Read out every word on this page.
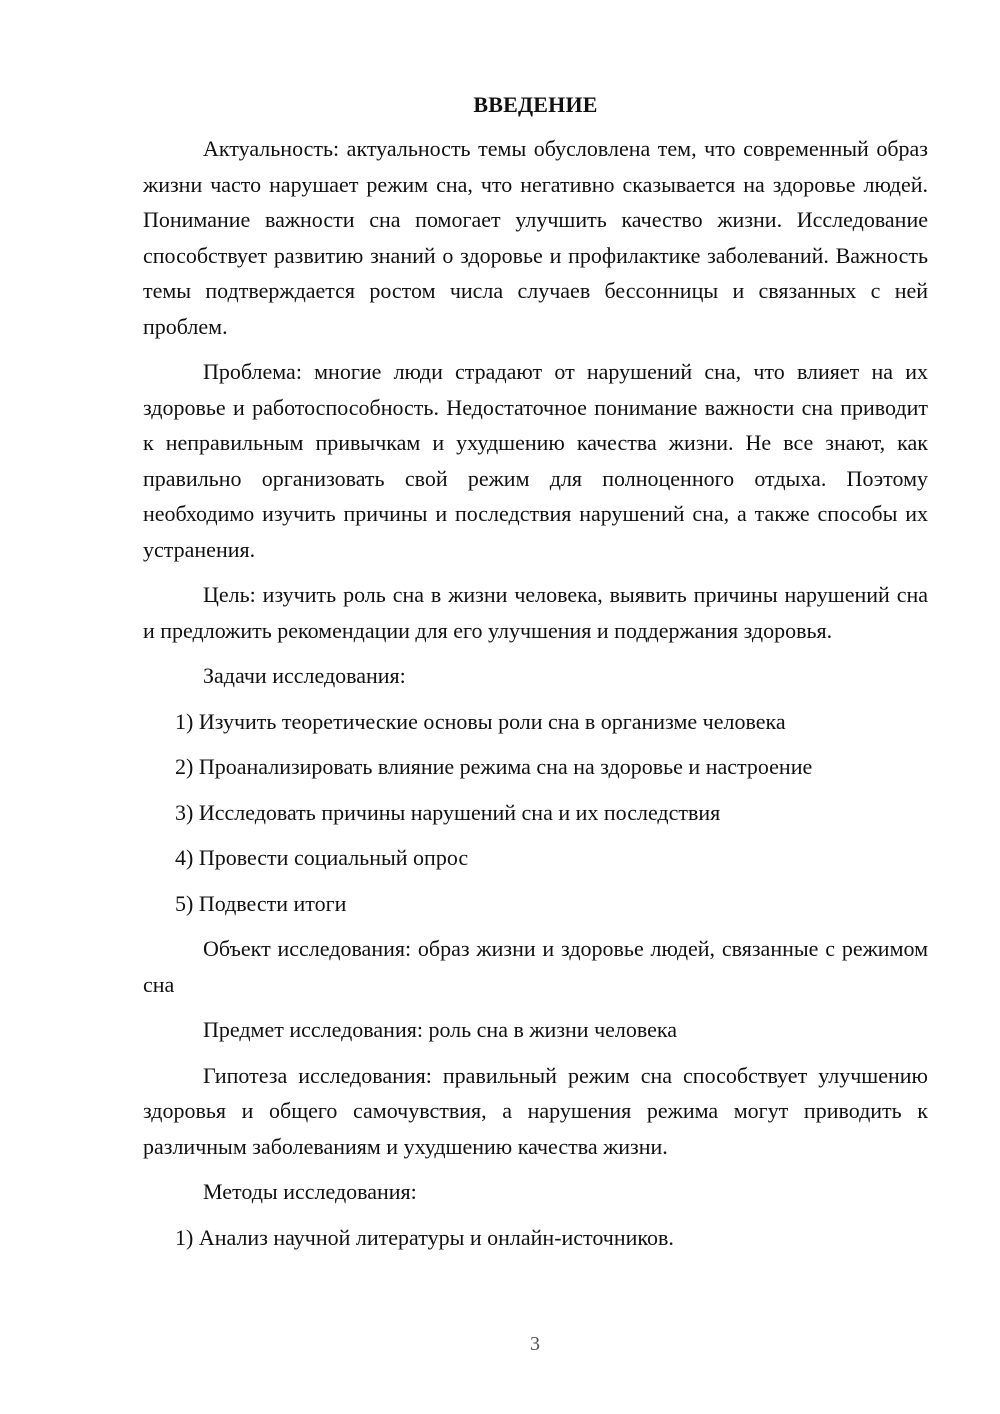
ВВЕДЕНИЕ

Актуальность: актуальность темы обусловлена тем, что современный образ жизни часто нарушает режим сна, что негативно сказывается на здоровье людей. Понимание важности сна помогает улучшить качество жизни. Исследование способствует развитию знаний о здоровье и профилактике заболеваний. Важность темы подтверждается ростом числа случаев бессонницы и связанных с ней проблем.

Проблема: многие люди страдают от нарушений сна, что влияет на их здоровье и работоспособность. Недостаточное понимание важности сна приводит к неправильным привычкам и ухудшению качества жизни. Не все знают, как правильно организовать свой режим для полноценного отдыха. Поэтому необходимо изучить причины и последствия нарушений сна, а также способы их устранения.

Цель: изучить роль сна в жизни человека, выявить причины нарушений сна и предложить рекомендации для его улучшения и поддержания здоровья.

Задачи исследования:

1) Изучить теоретические основы роли сна в организме человека

2) Проанализировать влияние режима сна на здоровье и настроение

3) Исследовать причины нарушений сна и их последствия

4) Провести социальный опрос

5) Подвести итоги

Объект исследования: образ жизни и здоровье людей, связанные с режимом сна

Предмет исследования: роль сна в жизни человека

Гипотеза исследования: правильный режим сна способствует улучшению здоровья и общего самочувствия, а нарушения режима могут приводить к различным заболеваниям и ухудшению качества жизни.

Методы исследования:

1) Анализ научной литературы и онлайн-источников.

3
